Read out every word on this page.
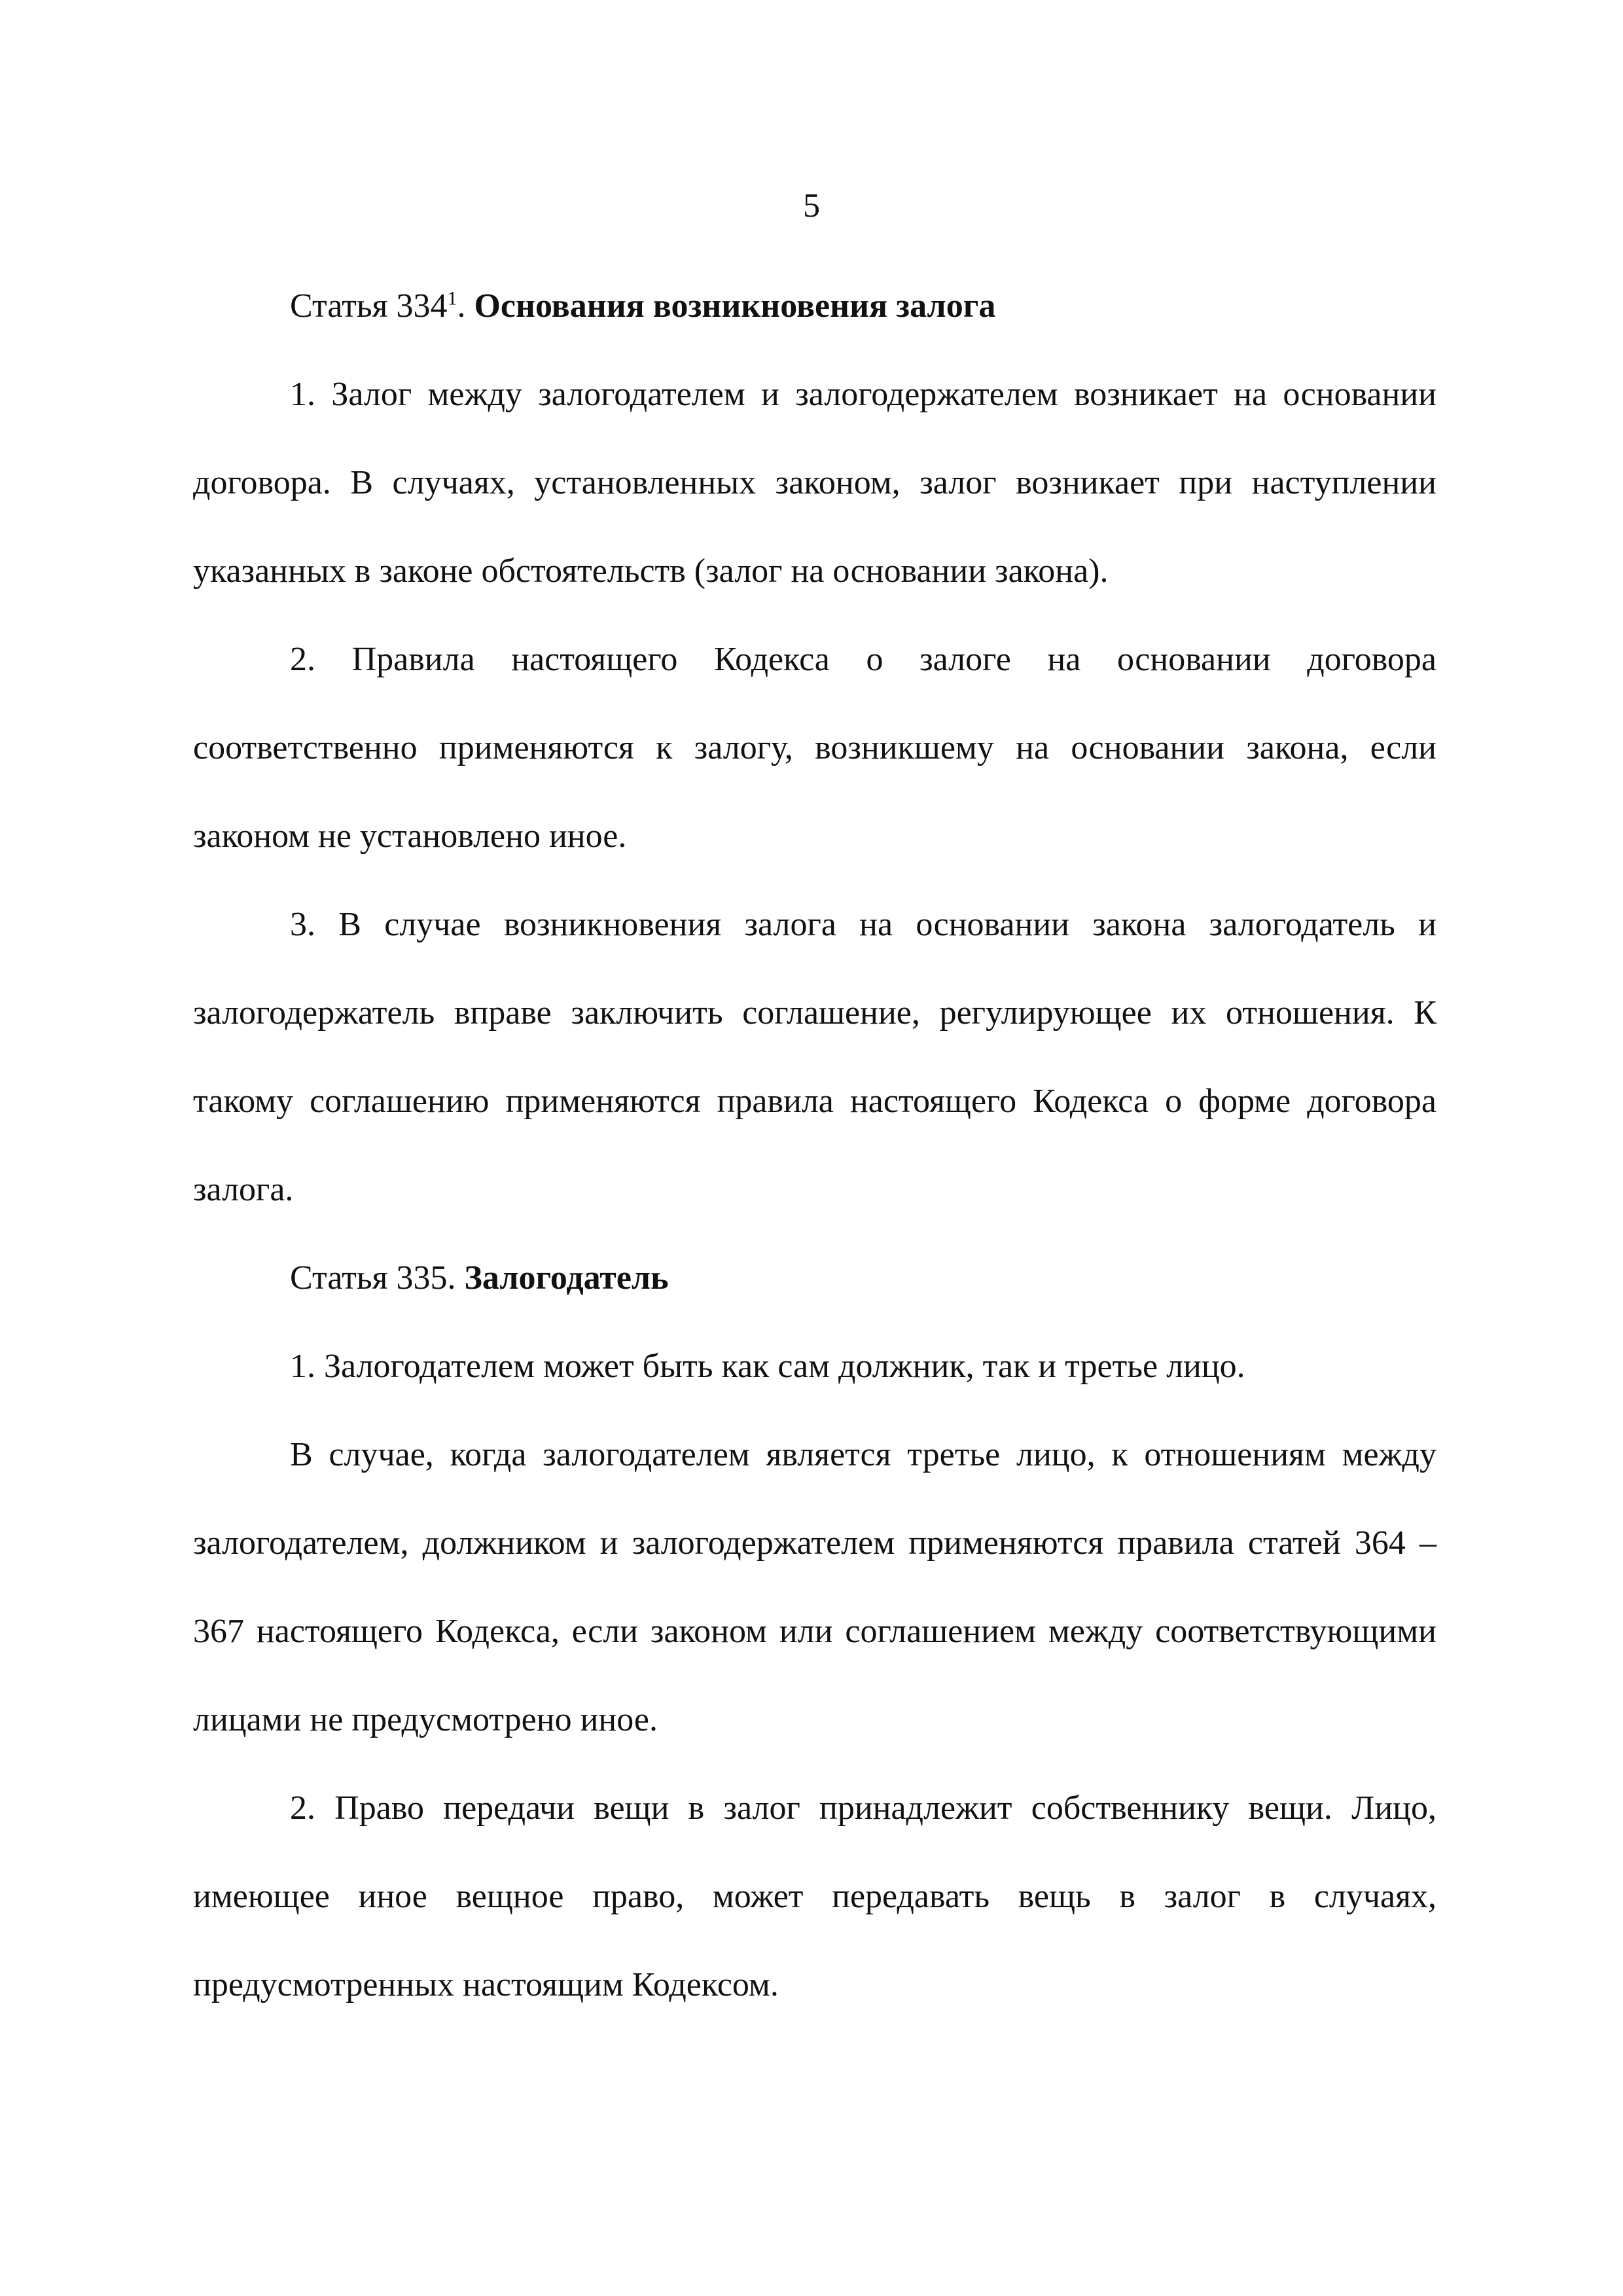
5

Статья $334^1$. Основания возникновения залога

1. Залог между залогодателем и залогодержателем возникает на основании договора. В случаях, установленных законом, залог возникает при наступлении указанных в законе обстоятельств (залог на основании закона).

2. Правила настоящего Кодекса о залоге на основании договора соответственно применяются к залогу, возникшему на основании закона, если законом не установлено иное.

3. В случае возникновения залога на основании закона залогодатель и залогодержатель вправе заключить соглашение, регулирующее их отношения. К такому соглашению применяются правила настоящего Кодекса о форме договора залога.

Статья 335. Залогодатель

1. Залогодателем может быть как сам должник, так и третье лицо.

В случае, когда залогодателем является третье лицо, к отношениям между залогодателем, должником и залогодержателем применяются правила статей 364 – 367 настоящего Кодекса, если законом или соглашением между соответствующими лицами не предусмотрено иное.

2. Право передачи вещи в залог принадлежит собственнику вещи. Лицо, имеющее иное вещное право, может передавать вещь в залог в случаях, предусмотренных настоящим Кодексом.
